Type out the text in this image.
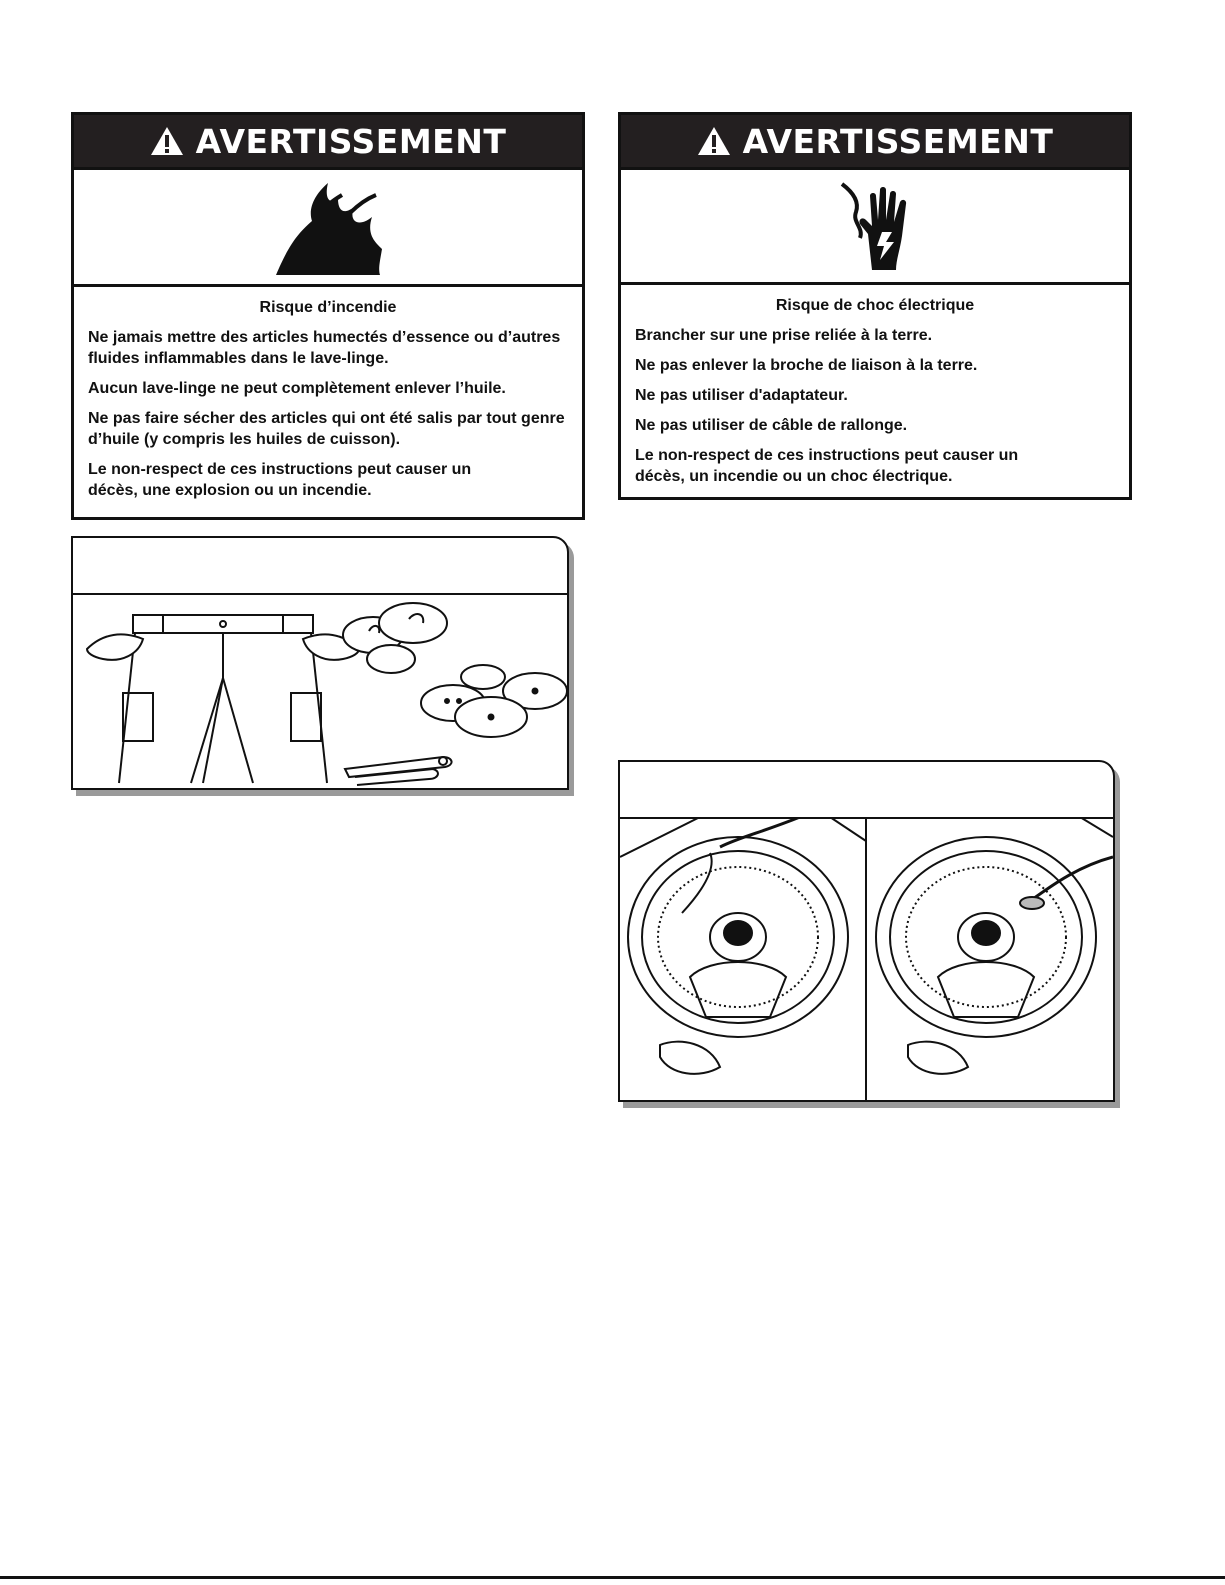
AVERTISSEMENT
Risque d’incendie
Ne jamais mettre des articles humectés d’essence ou d’autres fluides inflammables dans le lave-linge.
Aucun lave-linge ne peut complètement enlever l’huile.
Ne pas faire sécher des articles qui ont été salis par tout genre d’huile (y compris les huiles de cuisson).
Le non-respect de ces instructions peut causer un décès, une explosion ou un incendie.
AVERTISSEMENT
Risque de choc électrique
Brancher sur une prise reliée à la terre.
Ne pas enlever la broche de liaison à la terre.
Ne pas utiliser d'adaptateur.
Ne pas utiliser de câble de rallonge.
Le non-respect de ces instructions peut causer un décès, un incendie ou un choc électrique.
